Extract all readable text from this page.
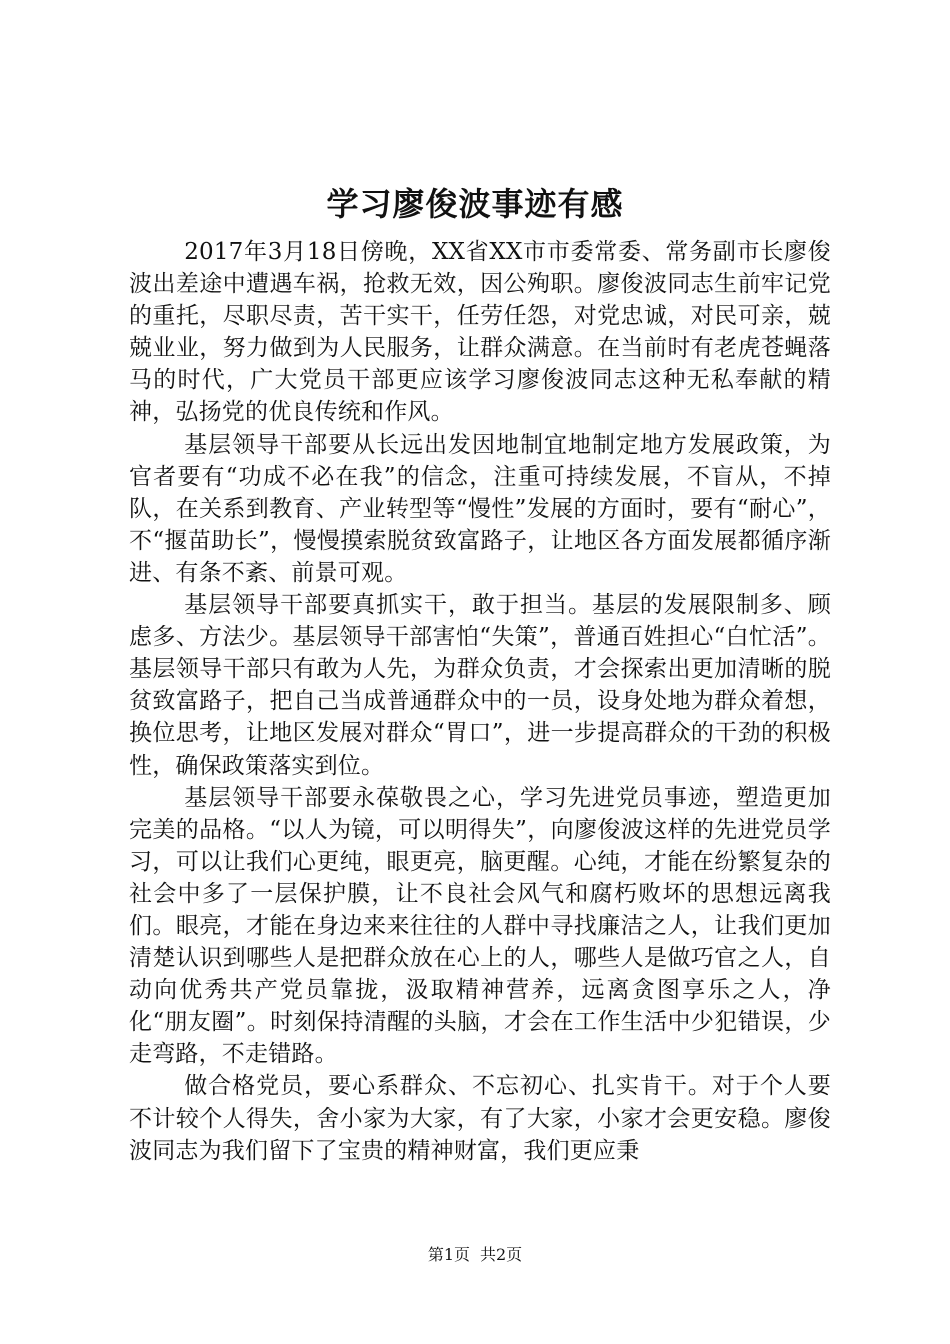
学习廖俊波事迹有感

2017年3月18日傍晚，XX省XX市市委常委、常务副市长廖俊波出差途中遭遇车祸，抢救无效，因公殉职。廖俊波同志生前牢记党的重托，尽职尽责，苦干实干，任劳任怨，对党忠诚，对民可亲，兢兢业业，努力做到为人民服务，让群众满意。在当前时有老虎苍蝇落马的时代，广大党员干部更应该学习廖俊波同志这种无私奉献的精神，弘扬党的优良传统和作风。

基层领导干部要从长远出发因地制宜地制定地方发展政策，为官者要有“功成不必在我”的信念，注重可持续发展，不盲从，不掉队，在关系到教育、产业转型等“慢性”发展的方面时，要有“耐心”，不“揠苗助长”，慢慢摸索脱贫致富路子，让地区各方面发展都循序渐进、有条不紊、前景可观。

基层领导干部要真抓实干，敢于担当。基层的发展限制多、顾虑多、方法少。基层领导干部害怕“失策”，普通百姓担心“白忙活”。基层领导干部只有敢为人先，为群众负责，才会探索出更加清晰的脱贫致富路子，把自己当成普通群众中的一员，设身处地为群众着想，换位思考，让地区发展对群众“胃口”，进一步提高群众的干劲的积极性，确保政策落实到位。

基层领导干部要永葆敬畏之心，学习先进党员事迹，塑造更加完美的品格。“以人为镜，可以明得失”，向廖俊波这样的先进党员学习，可以让我们心更纯，眼更亮，脑更醒。心纯，才能在纷繁复杂的社会中多了一层保护膜，让不良社会风气和腐朽败坏的思想远离我们。眼亮，才能在身边来来往往的人群中寻找廉洁之人，让我们更加清楚认识到哪些人是把群众放在心上的人，哪些人是做巧官之人，自动向优秀共产党员靠拢，汲取精神营养，远离贪图享乐之人，净化“朋友圈”。时刻保持清醒的头脑，才会在工作生活中少犯错误，少走弯路，不走错路。

做合格党员，要心系群众、不忘初心、扎实肯干。对于个人要不计较个人得失，舍小家为大家，有了大家，小家才会更安稳。廖俊波同志为我们留下了宝贵的精神财富，我们更应秉

第1页 共2页
